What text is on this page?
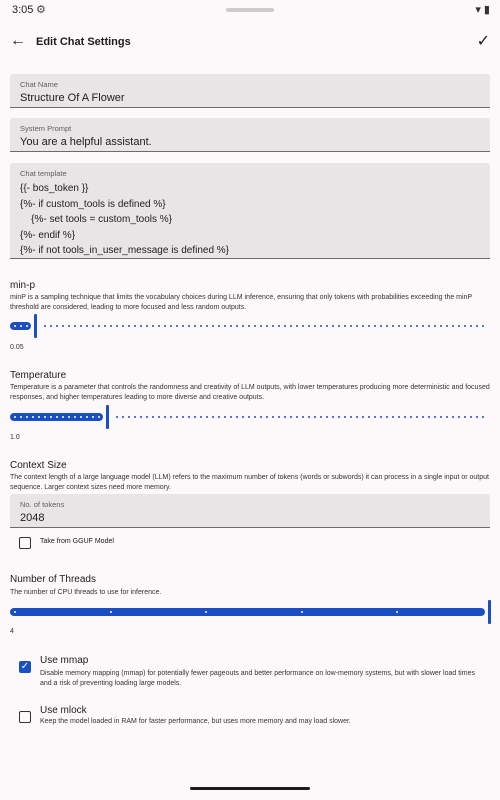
3:05 ⚙	▾ ▮
← Edit Chat Settings	✓
Chat Name
Structure Of A Flower
System Prompt
You are a helpful assistant.
Chat template
{{- bos_token }}
{%- if custom_tools is defined %}
{%- set tools = custom_tools %}
{%- endif %}
{%- if not tools_in_user_message is defined %}
min-p
minP is a sampling technique that limits the vocabulary choices during LLM inference, ensuring that only tokens with probabilities exceeding the minP threshold are considered, leading to more focused and less random outputs.
0.05
Temperature
Temperature is a parameter that controls the randomness and creativity of LLM outputs, with lower temperatures producing more deterministic and focused responses, and higher temperatures leading to more diverse and creative outputs.
1.0
Context Size
The context length of a large language model (LLM) refers to the maximum number of tokens (words or subwords) it can process in a single input or output sequence. Larger context sizes need more memory.
No. of tokens
2048
Take from GGUF Model
Number of Threads
The number of CPU threads to use for inference.
4
✓
Use mmap
Disable memory mapping (mmap) for potentially fewer pageouts and better performance on low-memory systems, but with slower load times and a risk of preventing loading large models.
Use mlock
Keep the model loaded in RAM for faster performance, but uses more memory and may load slower.
